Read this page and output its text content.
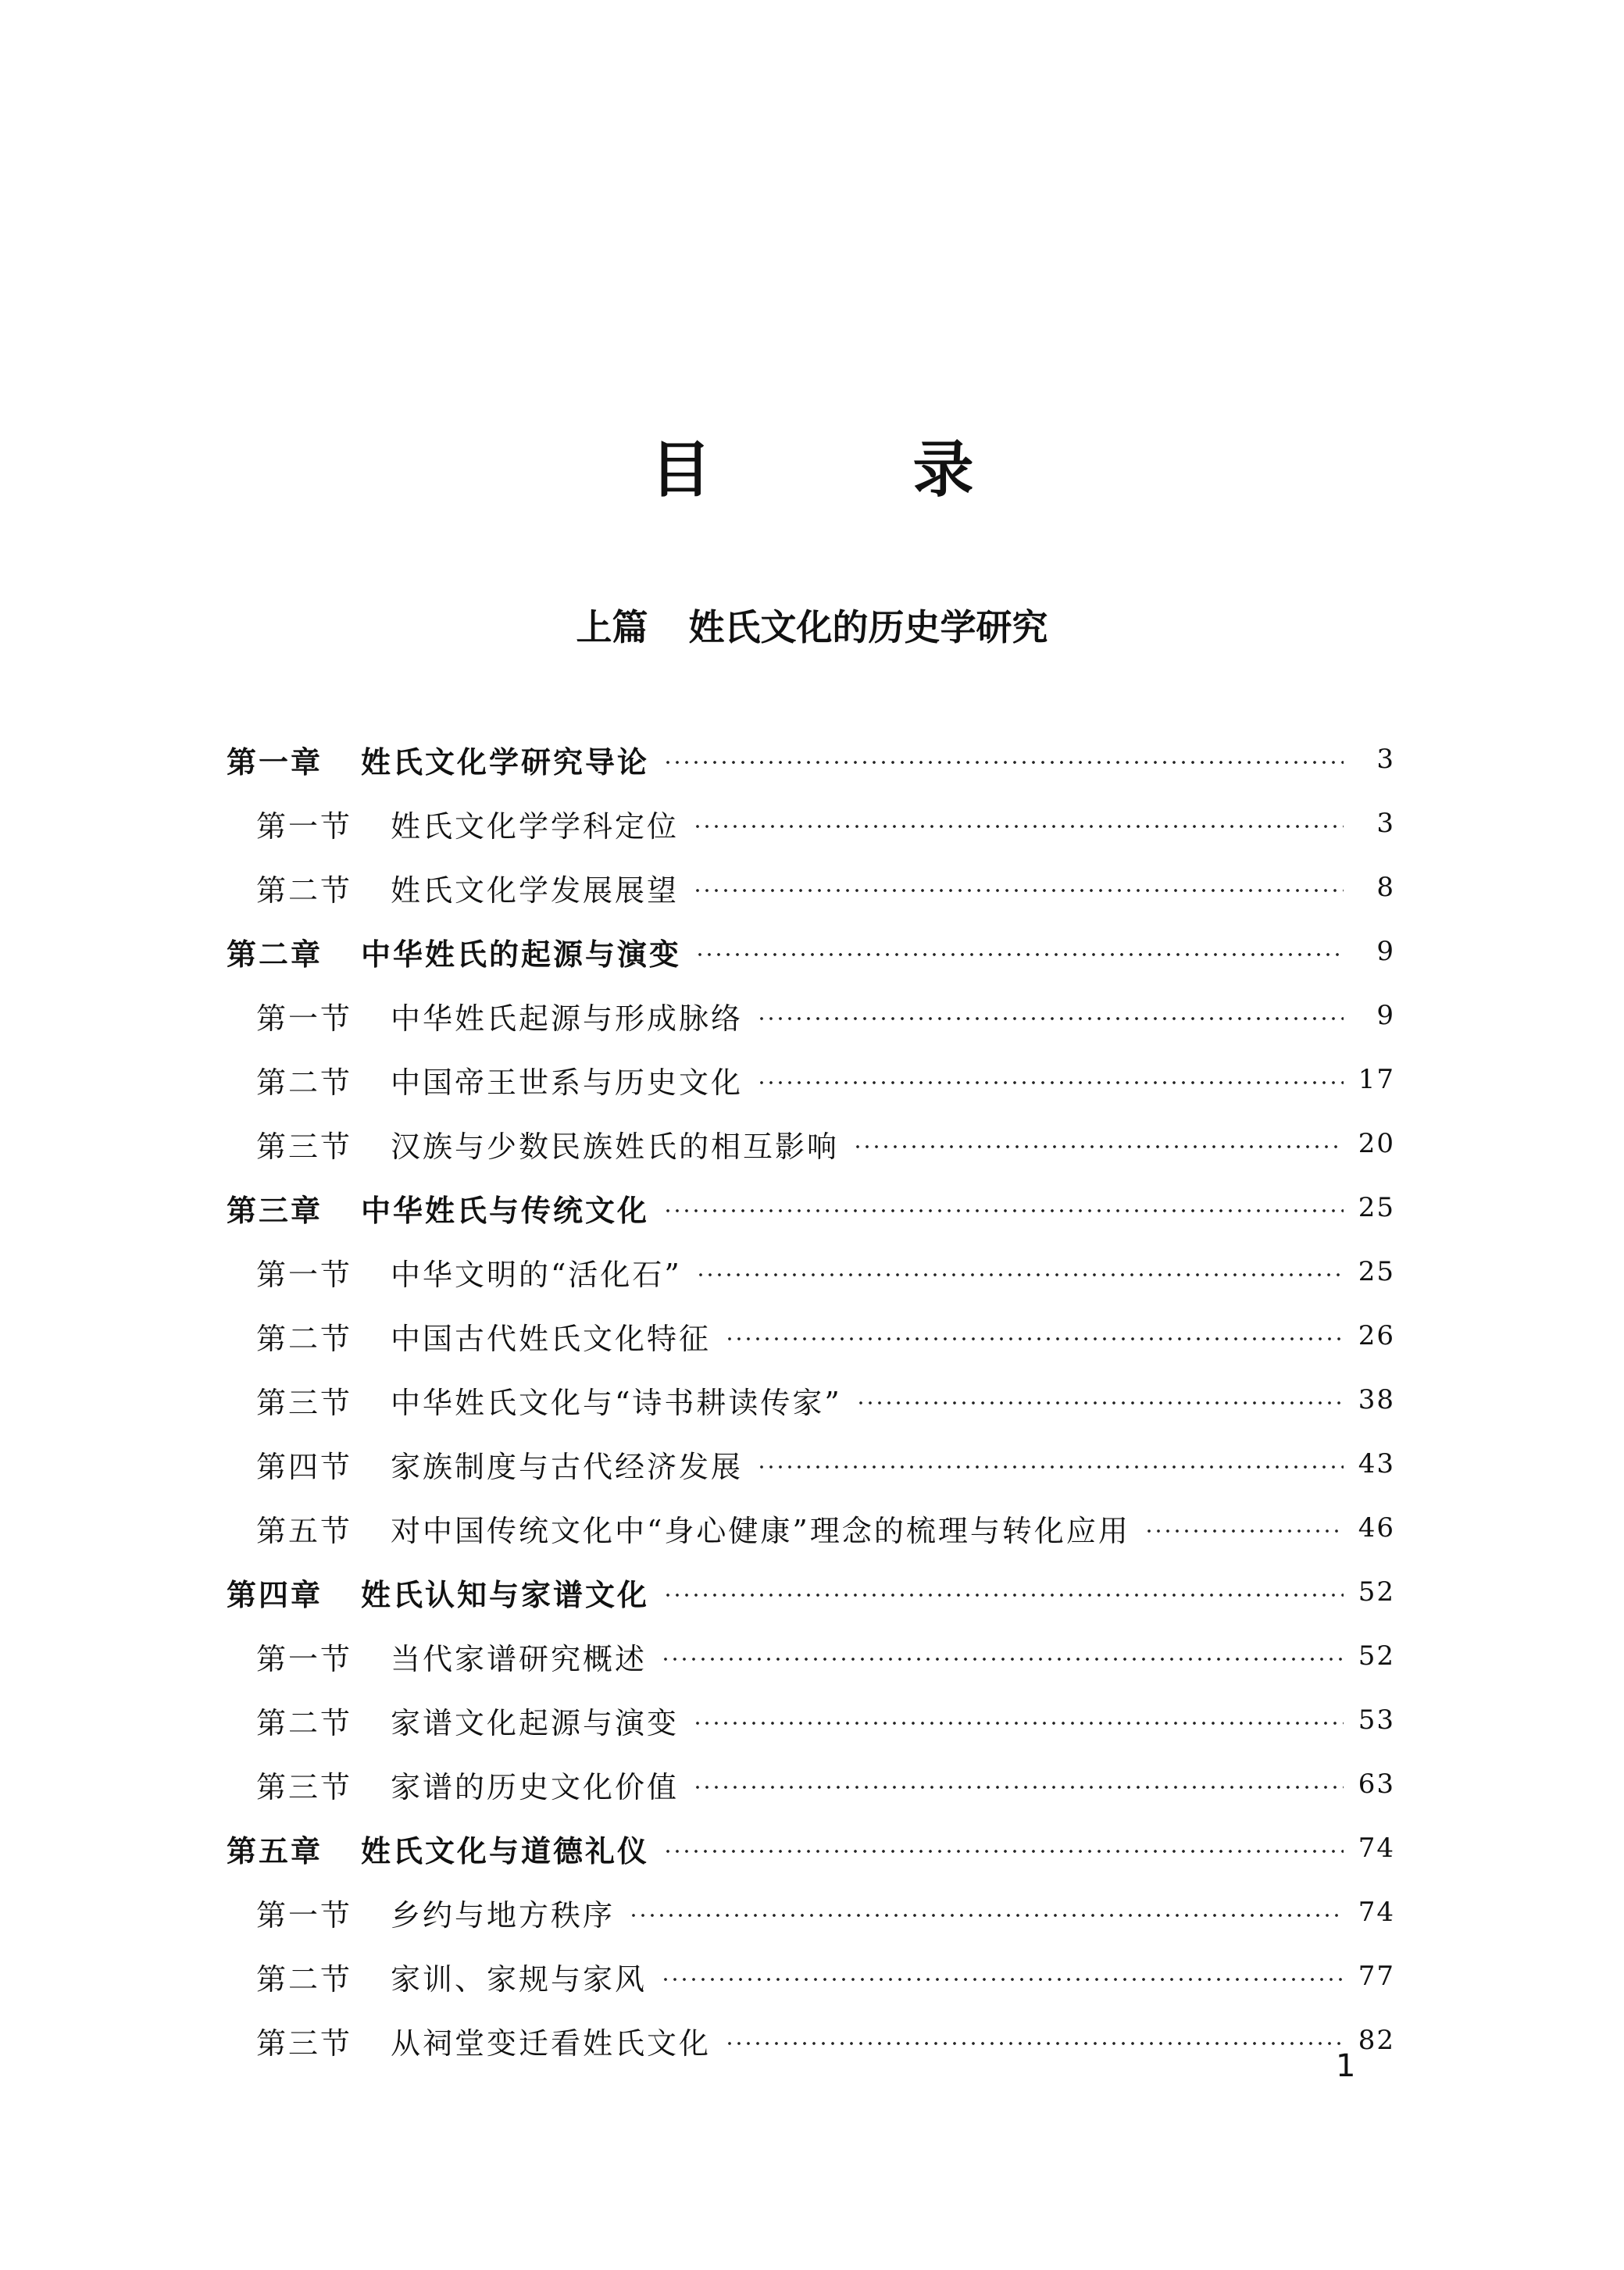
目　录
上篇 姓氏文化的历史学研究
第一章	姓氏文化学研究导论	3
第一节	姓氏文化学学科定位	3
第二节	姓氏文化学发展展望	8
第二章	中华姓氏的起源与演变	9
第一节	中华姓氏起源与形成脉络	9
第二节	中国帝王世系与历史文化	17
第三节	汉族与少数民族姓氏的相互影响	20
第三章	中华姓氏与传统文化	25
第一节	中华文明的“活化石”	25
第二节	中国古代姓氏文化特征	26
第三节	中华姓氏文化与“诗书耕读传家”	38
第四节	家族制度与古代经济发展	43
第五节	对中国传统文化中“身心健康”理念的梳理与转化应用	46
第四章	姓氏认知与家谱文化	52
第一节	当代家谱研究概述	52
第二节	家谱文化起源与演变	53
第三节	家谱的历史文化价值	63
第五章	姓氏文化与道德礼仪	74
第一节	乡约与地方秩序	74
第二节	家训、家规与家风	77
第三节	从祠堂变迁看姓氏文化	82
1
